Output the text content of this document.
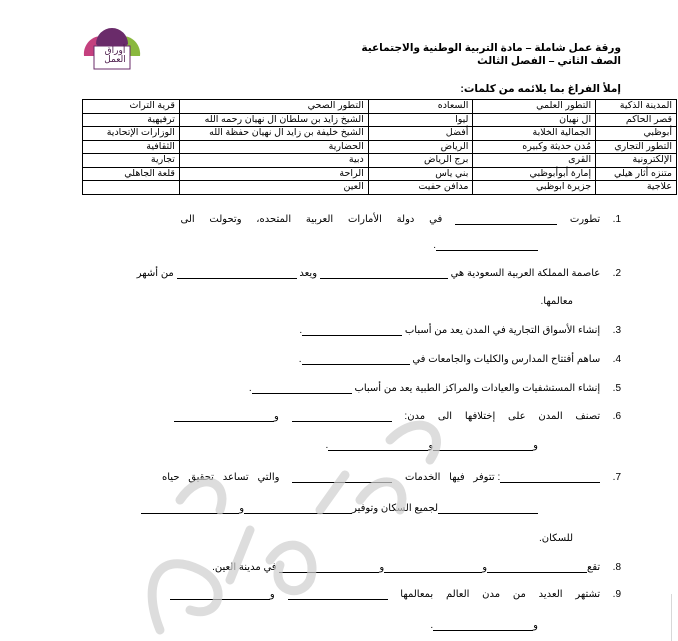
أوراق
العمل
ورقة عمل شاملة – مادة التربية الوطنية والاجتماعية
الصف الثاني – الفصل الثالث
إملأ الفراغ بما يلائمه من كلمات:
المدينة الذكية	التطور العلمي	السعاده	التطور الصحي	قرية التراث
قصر الحاكم	آل نهيان	ليوا	الشيخ زايد بن سلطان آل نهيان رحمه الله	ترفيهية
أبوظبي	الجمالية الخلابة	أفضل	الشيخ خليفة بن زايد آل نهيان حفظة الله	الوزارات الإتحادية
التطور التجاري	مُدن حديثة وكبيره	الرياض	الحضارية	الثقافية
الإلكترونية	القرى	برج الرياض	دبية	تجارية
متنزه أثار هيلي	إمارة أبوأبوظبي	بني ياس	الراحة	قلعة الجاهلي
علاجية	جزيرة ابوظبي	مدافن حفيت	العين	
1. تطورت  في دولة الأمارات العربية المتحده، وتحولت الى
.
2. عاصمة المملكة العربية السعودية هي  ويعد  من أشهر
معالمها.
3. إنشاء الأسواق التجارية في المدن يعد من أسباب .
4. ساهم أفتتاح المدارس والكليات والجامعات في .
5. إنشاء المستشفيات والعيادات والمراكز الطبية يعد من أسباب .
6. تصنف المدن على إختلافها الى مدن:  و
وو.
7. : تتوفر فيها الخدمات  والتي تساعد تحقيق حياه
لجميع السكان وتوفيرو
للسكان.
8. تقعوو في مدينة العين.
9. تشتهر العديد من مدن العالم بمعالمها  و
و.
